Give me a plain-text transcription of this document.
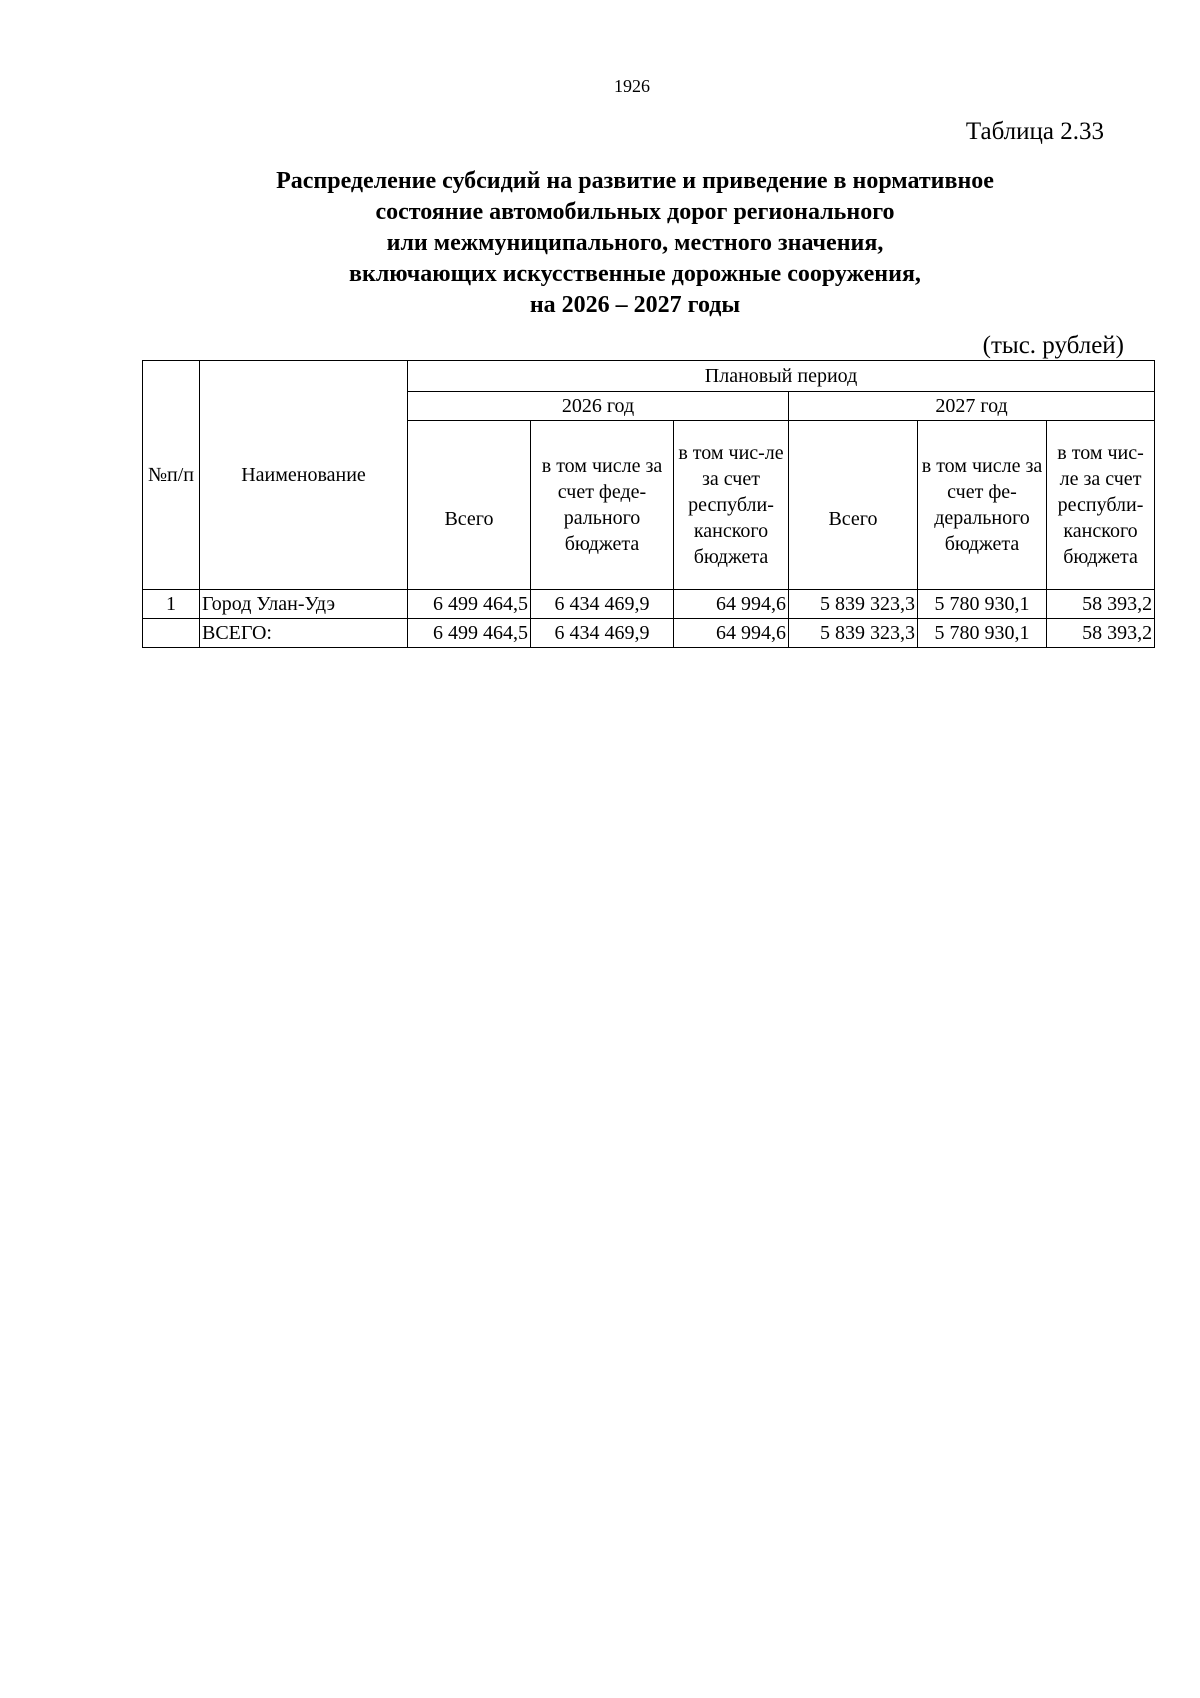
1926
Таблица 2.33
Распределение субсидий на развитие и приведение в нормативное
состояние автомобильных дорог регионального
или межмуниципального, местного значения,
включающих искусственные дорожные сооружения,
на 2026 – 2027 годы
(тыс. рублей)
№п/п	Наименование	Плановый период					
		2026 год			2027 год		
		Всего	в том числе за счет феде-рального бюджета	в том чис-ле за счет республи-канского бюджета	Всего	в том числе за счет фе-дерального бюджета	в том чис-ле за счет республи-канского бюджета
1	Город Улан-Удэ	6 499 464,5	6 434 469,9	64 994,6	5 839 323,3	5 780 930,1	58 393,2
	ВСЕГО:	6 499 464,5	6 434 469,9	64 994,6	5 839 323,3	5 780 930,1	58 393,2
